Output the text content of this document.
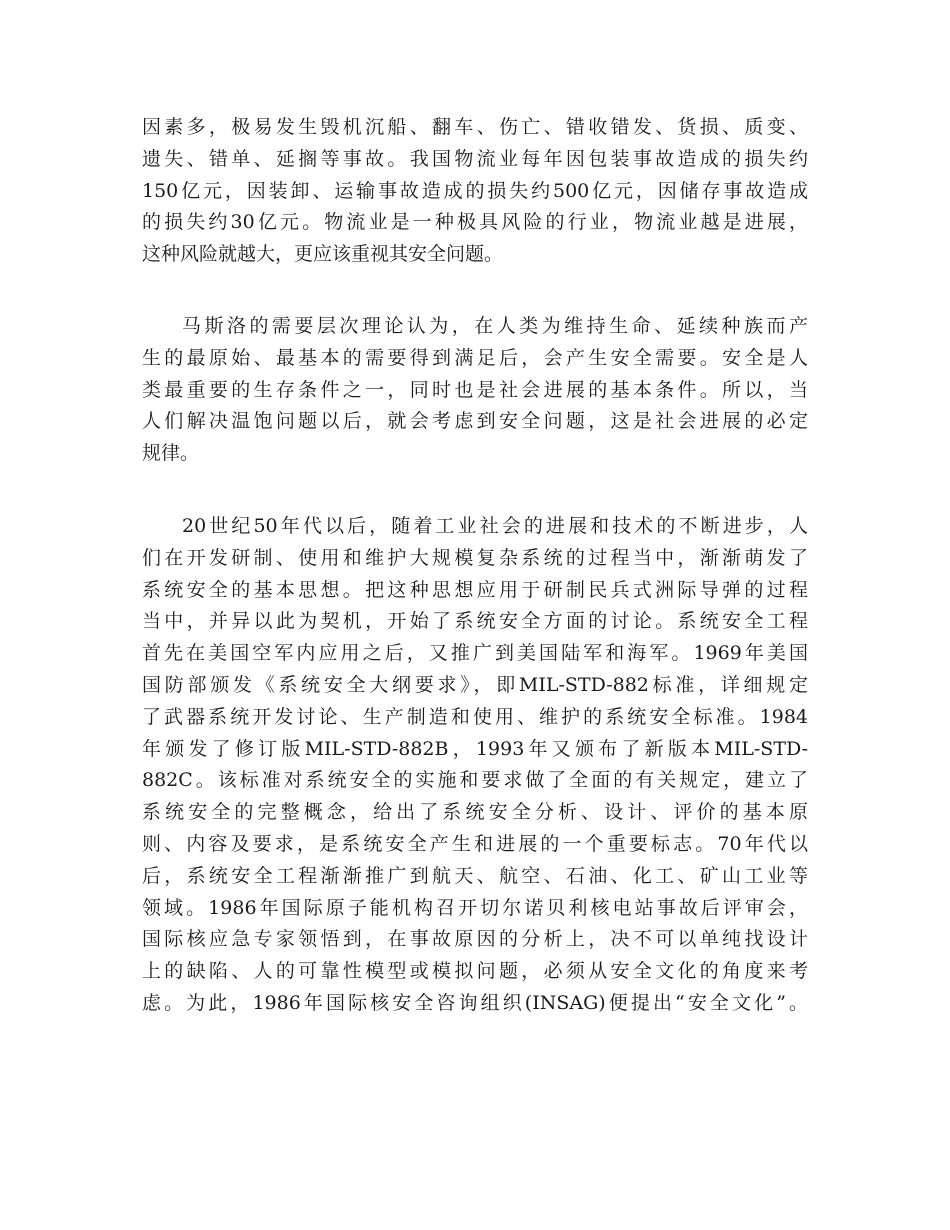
因素多，极易发生毁机沉船、翻车、伤亡、错收错发、货损、质变、
遗失、错单、延搁等事故。我国物流业每年因包装事故造成的损失约
150亿元，因装卸、运输事故造成的损失约500亿元，因储存事故造成
的损失约30亿元。物流业是一种极具风险的行业，物流业越是进展，
这种风险就越大，更应该重视其安全问题。
马斯洛的需要层次理论认为，在人类为维持生命、延续种族而产
生的最原始、最基本的需要得到满足后，会产生安全需要。安全是人
类最重要的生存条件之一，同时也是社会进展的基本条件。所以，当
人们解决温饱问题以后，就会考虑到安全问题，这是社会进展的必定
规律。
20世纪50年代以后，随着工业社会的进展和技术的不断进步，人
们在开发研制、使用和维护大规模复杂系统的过程当中，渐渐萌发了
系统安全的基本思想。把这种思想应用于研制民兵式洲际导弹的过程
当中，并异以此为契机，开始了系统安全方面的讨论。系统安全工程
首先在美国空军内应用之后，又推广到美国陆军和海军。1969年美国
国防部颁发《系统安全大纲要求》，即MIL-STD-882标准，详细规定
了武器系统开发讨论、生产制造和使用、维护的系统安全标准。1984
年颁发了修订版MIL-STD-882B，1993年又颁布了新版本MIL-STD-
882C。该标准对系统安全的实施和要求做了全面的有关规定，建立了
系统安全的完整概念，给出了系统安全分析、设计、评价的基本原
则、内容及要求，是系统安全产生和进展的一个重要标志。70年代以
后，系统安全工程渐渐推广到航天、航空、石油、化工、矿山工业等
领域。1986年国际原子能机构召开切尔诺贝利核电站事故后评审会，
国际核应急专家领悟到，在事故原因的分析上，决不可以单纯找设计
上的缺陷、人的可靠性模型或模拟问题，必须从安全文化的角度来考
虑。为此，1986年国际核安全咨询组织(INSAG)便提出“安全文化”。
